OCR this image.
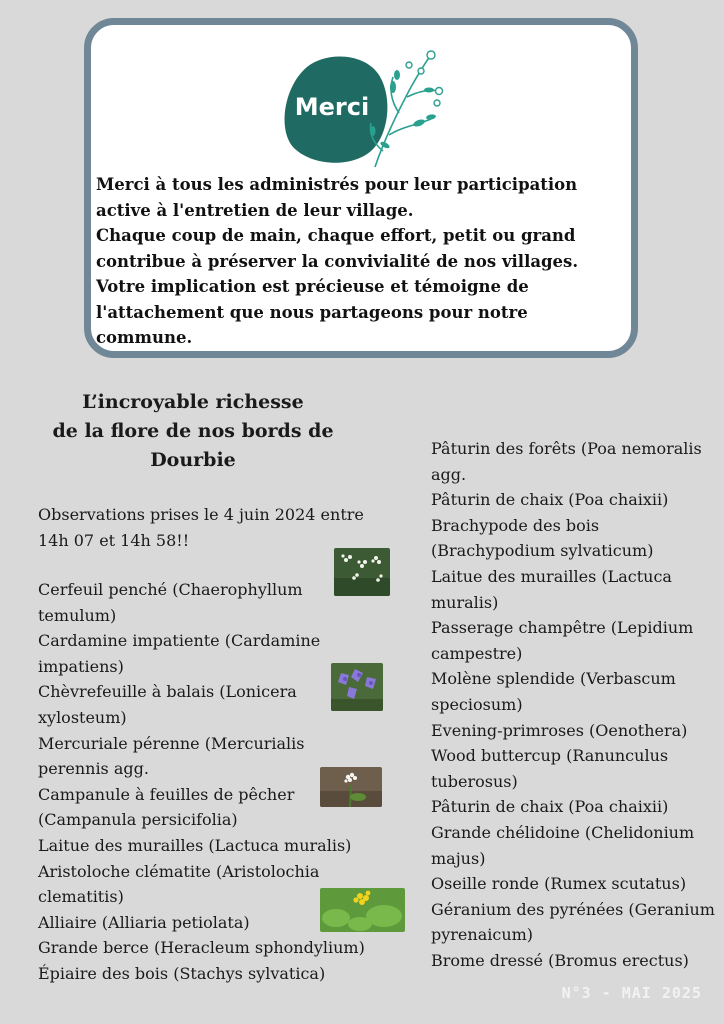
Merci
Merci à tous les administrés pour leur participation
active à l'entretien de leur village.
Chaque coup de main, chaque effort, petit ou grand
contribue à préserver la convivialité de nos villages.
Votre implication est précieuse et témoigne de
l'attachement que nous partageons pour notre
commune.
L’incroyable richesse
de la flore de nos bords de
Dourbie
Observations prises le 4 juin 2024 entre
14h 07 et 14h 58!!
Cerfeuil penché (Chaerophyllum temulum)
Cardamine impatiente (Cardamine impatiens)
Chèvrefeuille à balais (Lonicera xylosteum)
Mercuriale pérenne (Mercurialis perennis agg.
Campanule à feuilles de pêcher (Campanula persicifolia)
Laitue des murailles (Lactuca muralis)
Aristoloche clématite (Aristolochia clematitis)
Alliaire (Alliaria petiolata)
Grande berce (Heracleum sphondylium)
Épiaire des bois (Stachys sylvatica)
Pâturin des forêts (Poa nemoralis agg.
Pâturin de chaix (Poa chaixii)
Brachypode des bois (Brachypodium sylvaticum)
Laitue des murailles (Lactuca muralis)
Passerage champêtre (Lepidium campestre)
Molène splendide (Verbascum speciosum)
Evening-primroses (Oenothera)
Wood buttercup (Ranunculus tuberosus)
Pâturin de chaix (Poa chaixii)
Grande chélidoine (Chelidonium majus)
Oseille ronde (Rumex scutatus)
Géranium des pyrénées (Geranium pyrenaicum)
Brome dressé (Bromus erectus)
N°3 - MAI 2025
